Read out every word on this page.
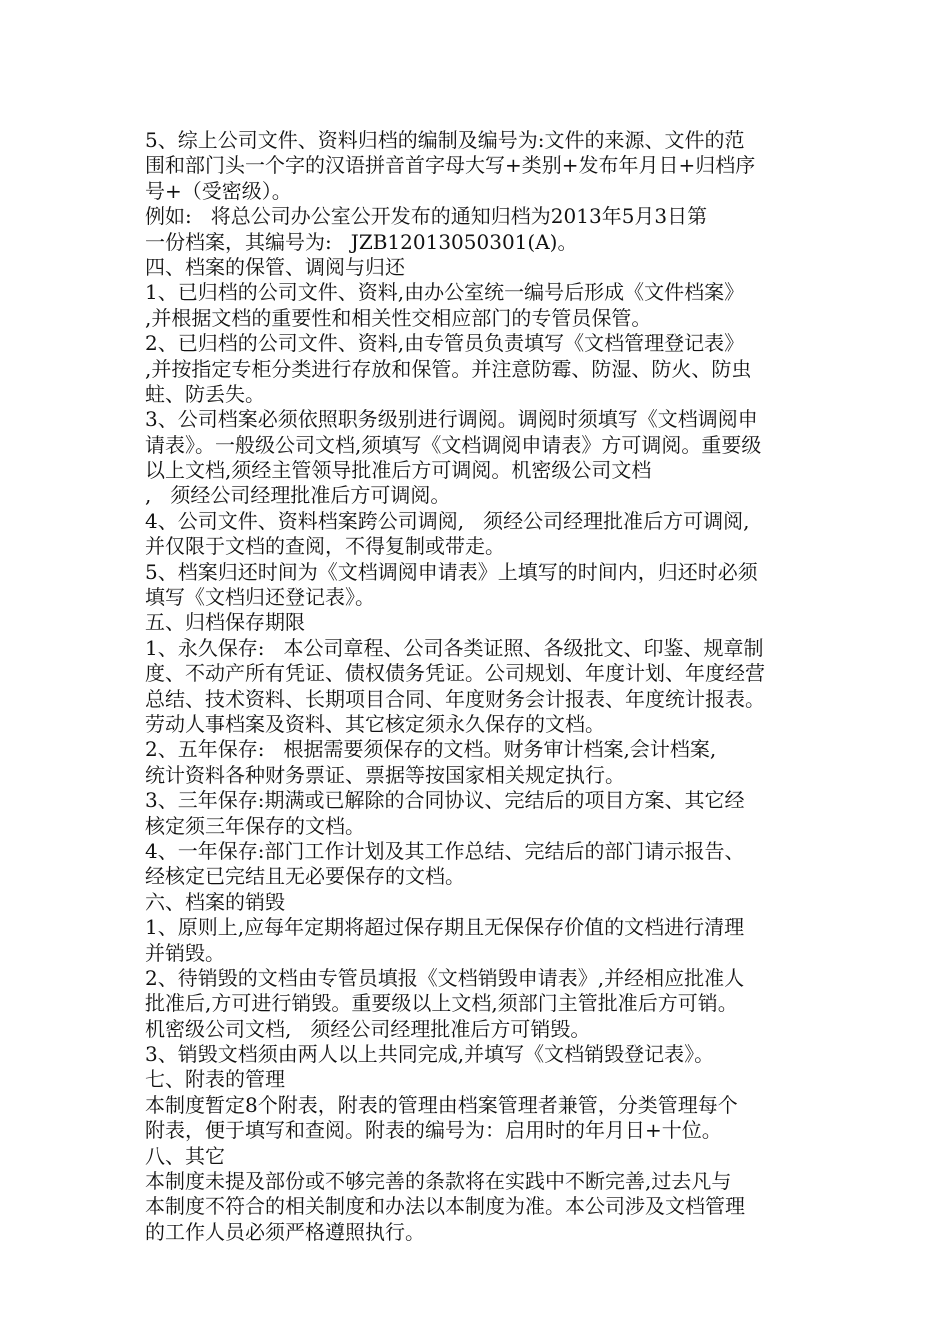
5、综上公司文件、资料归档的编制及编号为:文件的来源、文件的范
围和部门头一个字的汉语拼音首字母大写+类别+发布年月日+归档序
号+（受密级）。
例如:   将总公司办公室公开发布的通知归档为2013年5月3日第
一份档案，其编号为:   JZB12013050301(A)。
四、档案的保管、调阅与归还
1、已归档的公司文件、资料,由办公室统一编号后形成《文件档案》
,并根据文档的重要性和相关性交相应部门的专管员保管。
2、已归档的公司文件、资料,由专管员负责填写《文档管理登记表》
,并按指定专柜分类进行存放和保管。并注意防霉、防湿、防火、防虫
蛀、防丢失。
3、公司档案必须依照职务级别进行调阅。调阅时须填写《文档调阅申
请表》。一般级公司文档,须填写《文档调阅申请表》方可调阅。重要级
以上文档,须经主管领导批准后方可调阅。机密级公司文档
,   须经公司经理批准后方可调阅。
4、公司文件、资料档案跨公司调阅,   须经公司经理批准后方可调阅,
并仅限于文档的查阅，不得复制或带走。
5、档案归还时间为《文档调阅申请表》上填写的时间内，归还时必须
填写《文档归还登记表》。
五、归档保存期限
1、永久保存:   本公司章程、公司各类证照、各级批文、印鉴、规章制
度、不动产所有凭证、债权债务凭证。公司规划、年度计划、年度经营
总结、技术资料、长期项目合同、年度财务会计报表、年度统计报表。
劳动人事档案及资料、其它核定须永久保存的文档。
2、五年保存:   根据需要须保存的文档。财务审计档案,会计档案,
统计资料各种财务票证、票据等按国家相关规定执行。
3、三年保存:期满或已解除的合同协议、完结后的项目方案、其它经
核定须三年保存的文档。
4、一年保存:部门工作计划及其工作总结、完结后的部门请示报告、
经核定已完结且无必要保存的文档。
六、档案的销毁
1、原则上,应每年定期将超过保存期且无保保存价值的文档进行清理
并销毁。
2、待销毁的文档由专管员填报《文档销毁申请表》,并经相应批准人
批准后,方可进行销毁。重要级以上文档,须部门主管批准后方可销。
机密级公司文档,   须经公司经理批准后方可销毁。
3、销毁文档须由两人以上共同完成,并填写《文档销毁登记表》。
七、附表的管理
本制度暂定8个附表，附表的管理由档案管理者兼管，分类管理每个
附表，便于填写和查阅。附表的编号为：启用时的年月日+十位。
八、其它
本制度未提及部份或不够完善的条款将在实践中不断完善,过去凡与
本制度不符合的相关制度和办法以本制度为准。本公司涉及文档管理
的工作人员必须严格遵照执行。
